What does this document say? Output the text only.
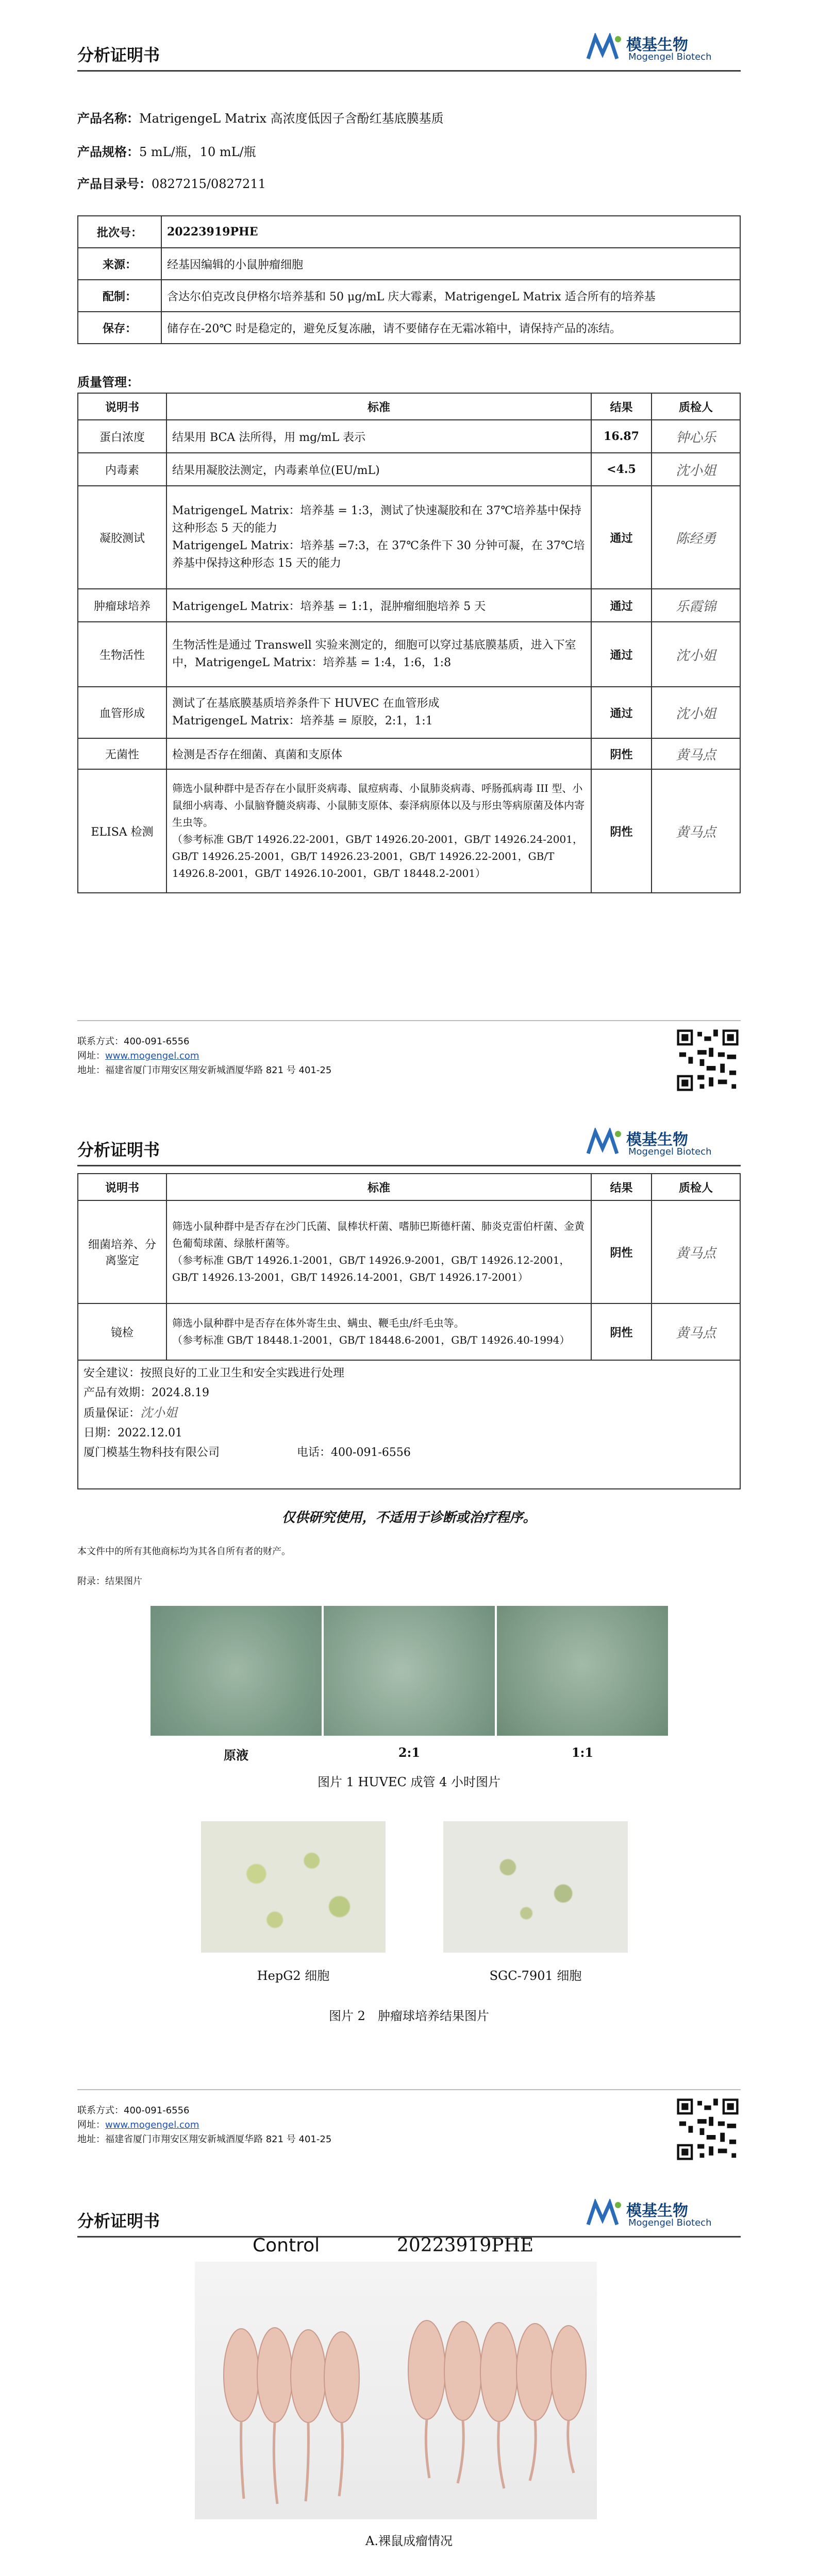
分析证明书
模基生物
Mogengel Biotech
产品名称：MatrigengeL Matrix 高浓度低因子含酚红基底膜基质
产品规格：5 mL/瓶，10 mL/瓶
产品目录号：0827215/0827211
批次号：	20223919PHE
来源：	经基因编辑的小鼠肿瘤细胞
配制：	含达尔伯克改良伊格尔培养基和 50 μg/mL 庆大霉素，MatrigengeL Matrix 适合所有的培养基
保存：	储存在-20℃ 时是稳定的，避免反复冻融，请不要储存在无霜冰箱中，请保持产品的冻结。
质量管理：
说明书	标准	结果	质检人
蛋白浓度	结果用 BCA 法所得，用 mg/mL 表示	16.87	钟心乐
内毒素	结果用凝胶法测定，内毒素单位(EU/mL)	<4.5	沈小姐
凝胶测试	MatrigengeL Matrix：培养基 = 1:3，测试了快速凝胶和在 37℃培养基中保持这种形态 5 天的能力
MatrigengeL Matrix：培养基 =7:3，在 37℃条件下 30 分钟可凝，在 37℃培养基中保持这种形态 15 天的能力	通过	陈经勇
肿瘤球培养	MatrigengeL Matrix：培养基 = 1:1，混肿瘤细胞培养 5 天	通过	乐霞锦
生物活性	生物活性是通过 Transwell 实验来测定的，细胞可以穿过基底膜基质，进入下室中，MatrigengeL Matrix：培养基 = 1:4，1:6，1:8	通过	沈小姐
血管形成	测试了在基底膜基质培养条件下 HUVEC 在血管形成
MatrigengeL Matrix：培养基 = 原胶，2:1，1:1	通过	沈小姐
无菌性	检测是否存在细菌、真菌和支原体	阴性	黄马点
ELISA 检测	筛选小鼠种群中是否存在小鼠肝炎病毒、鼠痘病毒、小鼠肺炎病毒、呼肠孤病毒 III 型、小鼠细小病毒、小鼠脑脊髓炎病毒、小鼠肺支原体、泰泽病原体以及与形虫等病原菌及体内寄生虫等。
（参考标准 GB/T 14926.22-2001，GB/T 14926.20-2001，GB/T 14926.24-2001，GB/T 14926.25-2001，GB/T 14926.23-2001，GB/T 14926.22-2001，GB/T 14926.8-2001，GB/T 14926.10-2001，GB/T 18448.2-2001）	阴性	黄马点
联系方式：400-091-6556
网址：www.mogengel.com
地址：福建省厦门市翔安区翔安新城酒厦华路 821 号 401-25
分析证明书
模基生物
Mogengel Biotech
说明书	标准	结果	质检人
细菌培养、分离鉴定	筛选小鼠种群中是否存在沙门氏菌、鼠棒状杆菌、嗜肺巴斯德杆菌、肺炎克雷伯杆菌、金黄色葡萄球菌、绿脓杆菌等。
（参考标准 GB/T 14926.1-2001，GB/T 14926.9-2001，GB/T 14926.12-2001，GB/T 14926.13-2001，GB/T 14926.14-2001，GB/T 14926.17-2001）	阴性	黄马点
镜检	筛选小鼠种群中是否存在体外寄生虫、螨虫、鞭毛虫/纤毛虫等。
（参考标准 GB/T 18448.1-2001，GB/T 18448.6-2001，GB/T 14926.40-1994）	阴性	黄马点

安全建议：按照良好的工业卫生和安全实践进行处理
产品有效期：2024.8.19
质量保证：沈小姐
日期：2022.12.01
厦门模基生物科技有限公司 电话：400-091-6556			
仅供研究使用，不适用于诊断或治疗程序。
本文件中的所有其他商标均为其各自所有者的财产。
附录：结果图片
原液	2:1	1:1
图片 1 HUVEC 成管 4 小时图片
HepG2 细胞	SGC-7901 细胞
图片 2　肿瘤球培养结果图片
联系方式：400-091-6556
网址：www.mogengel.com
地址：福建省厦门市翔安区翔安新城酒厦华路 821 号 401-25
分析证明书
模基生物
Mogengel Biotech
Control	20223919PHE
A.裸鼠成瘤情况
